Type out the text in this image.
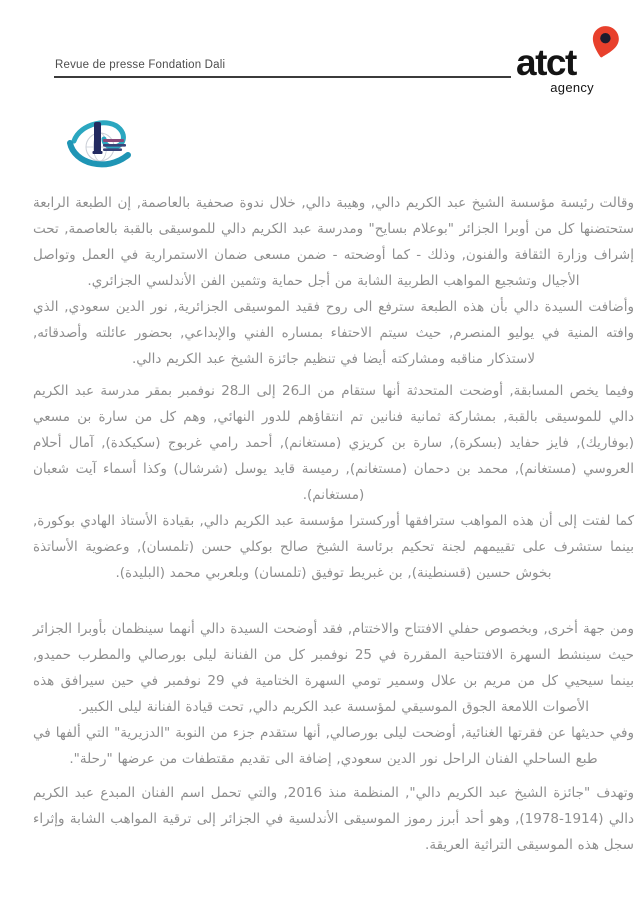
Revue de presse Fondation Dali	atct
agency

وقالت رئيسة مؤسسة الشيخ عبد الكريم دالي, وهيبة دالي, خلال ندوة صحفية بالعاصمة, إن الطبعة الرابعة ستحتضنها كل من أوبرا الجزائر "بوعلام بسايح" ومدرسة عبد الكريم دالي للموسيقى بالقبة بالعاصمة, تحت إشراف وزارة الثقافة والفنون, وذلك - كما أوضحته - ضمن مسعى ضمان الاستمرارية في العمل وتواصل الأجيال وتشجيع المواهب الطربية الشابة من أجل حماية وتثمين الفن الأندلسي الجزائري.

وأضافت السيدة دالي بأن هذه الطبعة سترفع الى روح فقيد الموسيقى الجزائرية, نور الدين سعودي, الذي وافته المنية في يوليو المنصرم, حيث سيتم الاحتفاء بمساره الفني والإبداعي, بحضور عائلته وأصدقائه, لاستذكار مناقبه ومشاركته أيضا في تنظيم جائزة الشيخ عبد الكريم دالي.

وفيما يخص المسابقة, أوضحت المتحدثة أنها ستقام من الـ26 إلى الـ28 نوفمبر بمقر مدرسة عبد الكريم دالي للموسيقى بالقبة, بمشاركة ثمانية فنانين تم انتقاؤهم للدور النهائي, وهم كل من سارة بن مسعي (بوفاريك), فايز حفايد (بسكرة), سارة بن كريزي (مستغانم), أحمد رامي غربوج (سكيكدة), آمال أحلام العروسي (مستغانم), محمد بن دحمان (مستغانم), رميسة قايد يوسل (شرشال) وكذا أسماء آيت شعبان (مستغانم).

كما لفتت إلى أن هذه المواهب سترافقها أوركسترا مؤسسة عبد الكريم دالي, بقيادة الأستاذ الهادي بوكورة, بينما ستشرف على تقييمهم لجنة تحكيم برئاسة الشيخ صالح بوكلي حسن (تلمسان), وعضوية الأساتذة بخوش حسين (قسنطينة), بن غبريط توفيق (تلمسان) وبلعربي محمد (البليدة).

ومن جهة أخرى, وبخصوص حفلي الافتتاح والاختتام, فقد أوضحت السيدة دالي أنهما سينظمان بأوبرا الجزائر حيث سينشط السهرة الافتتاحية المقررة في 25 نوفمبر كل من الفنانة ليلى بورصالي والمطرب حميدو, بينما سيحيي كل من مريم بن علال وسمير تومي السهرة الختامية في 29 نوفمبر في حين سيرافق هذه الأصوات اللامعة الجوق الموسيقي لمؤسسة عبد الكريم دالي, تحت قيادة الفنانة ليلى الكبير.

وفي حديثها عن فقرتها الغنائية, أوضحت ليلى بورصالي, أنها ستقدم جزء من النوبة "الدزيرية" التي ألفها في طبع الساحلي الفنان الراحل نور الدين سعودي, إضافة الى تقديم مقتطفات من عرضها "رحلة".

وتهدف "جائزة الشيخ عبد الكريم دالي", المنظمة منذ 2016, والتي تحمل اسم الفنان المبدع عبد الكريم دالي (1914-1978), وهو أحد أبرز رموز الموسيقى الأندلسية في الجزائر إلى ترقية المواهب الشابة وإثراء سجل هذه الموسيقى التراثية العريقة.
